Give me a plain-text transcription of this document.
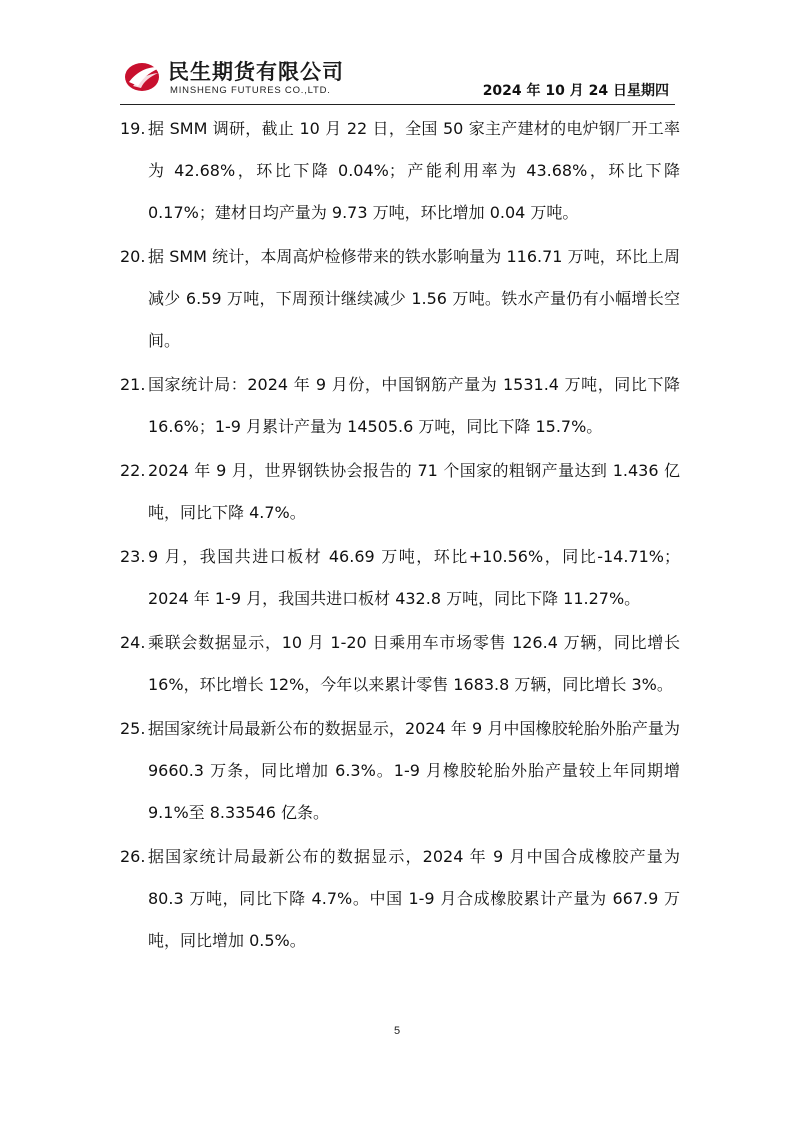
民生期货有限公司
MINSHENG FUTURES CO.,LTD.	2024 年 10 月 24 日星期四
19. 据 SMM 调研，截止 10 月 22 日，全国 50 家主产建材的电炉钢厂开工率为 42.68%，环比下降 0.04%；产能利用率为 43.68%，环比下降 0.17%；建材日均产量为 9.73 万吨，环比增加 0.04 万吨。
20. 据 SMM 统计，本周高炉检修带来的铁水影响量为 116.71 万吨，环比上周减少 6.59 万吨，下周预计继续减少 1.56 万吨。铁水产量仍有小幅增长空间。
21. 国家统计局：2024 年 9 月份，中国钢筋产量为 1531.4 万吨，同比下降 16.6%；1-9 月累计产量为 14505.6 万吨，同比下降 15.7%。
22. 2024 年 9 月，世界钢铁协会报告的 71 个国家的粗钢产量达到 1.436 亿吨，同比下降 4.7%。
23. 9 月，我国共进口板材 46.69 万吨，环比+10.56%，同比-14.71%；2024 年 1-9 月，我国共进口板材 432.8 万吨，同比下降 11.27%。
24. 乘联会数据显示，10 月 1-20 日乘用车市场零售 126.4 万辆，同比增长 16%，环比增长 12%，今年以来累计零售 1683.8 万辆，同比增长 3%。
25. 据国家统计局最新公布的数据显示，2024 年 9 月中国橡胶轮胎外胎产量为 9660.3 万条，同比增加 6.3%。1-9 月橡胶轮胎外胎产量较上年同期增 9.1%至 8.33546 亿条。
26. 据国家统计局最新公布的数据显示，2024 年 9 月中国合成橡胶产量为 80.3 万吨，同比下降 4.7%。中国 1-9 月合成橡胶累计产量为 667.9 万吨，同比增加 0.5%。
5
